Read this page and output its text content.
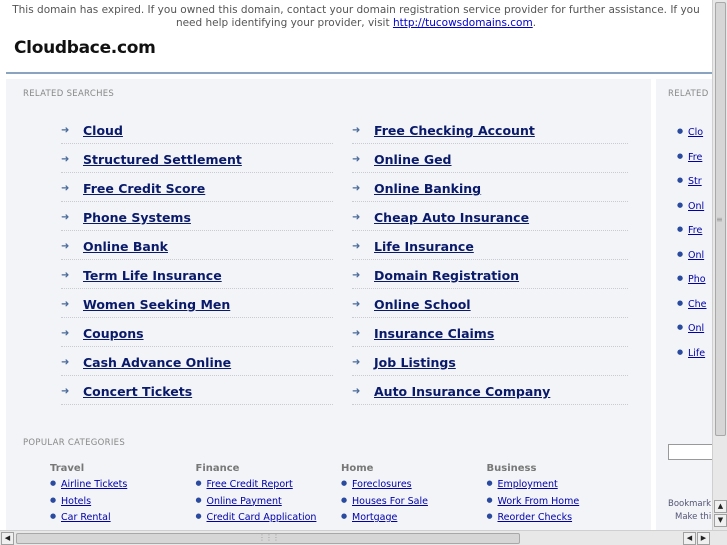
This domain has expired. If you owned this domain, contact your domain registration service provider for further assistance. If you need help identifying your provider, visit http://tucowsdomains.com.
Cloudbace.com
RELATED SEARCHES
➜ Cloud
➜ Structured Settlement
➜ Free Credit Score
➜ Phone Systems
➜ Online Bank
➜ Term Life Insurance
➜ Women Seeking Men
➜ Coupons
➜ Cash Advance Online
➜ Concert Tickets
➜ Free Checking Account
➜ Online Ged
➜ Online Banking
➜ Cheap Auto Insurance
➜ Life Insurance
➜ Domain Registration
➜ Online School
➜ Insurance Claims
➜ Job Listings
➜ Auto Insurance Company
POPULAR CATEGORIES
Travel
● Airline Tickets
● Hotels
● Car Rental
Finance
● Free Credit Report
● Online Payment
● Credit Card Application
Home
● Foreclosures
● Houses For Sale
● Mortgage
Business
● Employment
● Work From Home
● Reorder Checks
RELATED
● Clo
● Fre
● Str
● Onl
● Fre
● Onl
● Pho
● Che
● Onl
● Life
Bookmark
Make thi
≡
▲
▼
◀	⋮⋮⋮	◀	▶
